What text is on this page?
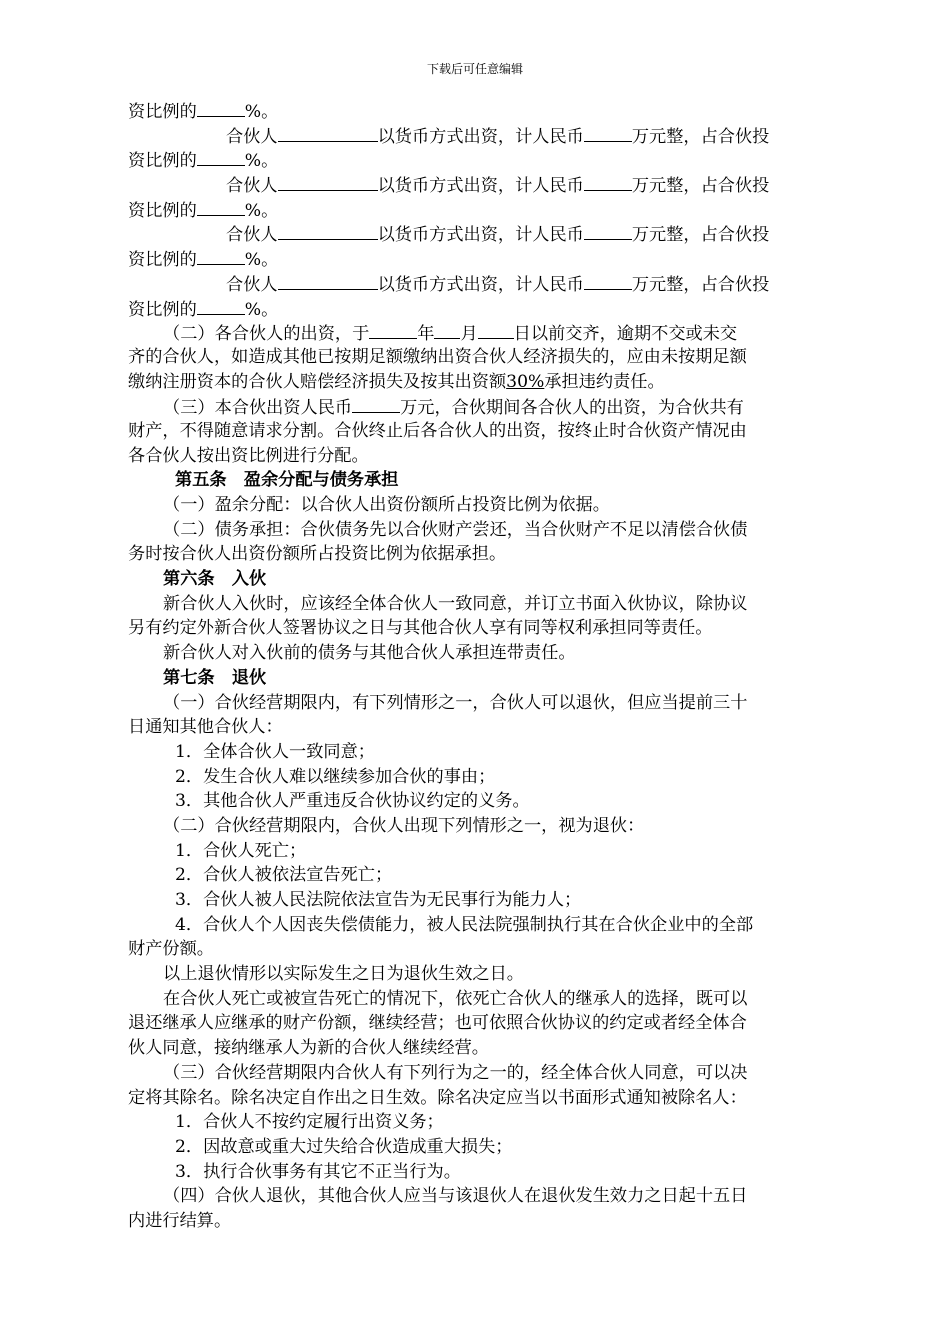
下载后可任意编辑
资比例的	%。
合伙人	以货币方式出资，计人民币	万元整，占合伙投
资比例的	%。
合伙人	以货币方式出资，计人民币	万元整，占合伙投
资比例的	%。
合伙人	以货币方式出资，计人民币	万元整，占合伙投
资比例的	%。
合伙人	以货币方式出资，计人民币	万元整，占合伙投
资比例的	%。
（二）各合伙人的出资，于	年 月 日以前交齐，逾期不交或未交
齐的合伙人，如造成其他已按期足额缴纳出资合伙人经济损失的，应由未按期足额
缴纳注册资本的合伙人赔偿经济损失及按其出资额30%承担违约责任。
（三）本合伙出资人民币	万元，合伙期间各合伙人的出资，为合伙共有
财产，不得随意请求分割。合伙终止后各合伙人的出资，按终止时合伙资产情况由
各合伙人按出资比例进行分配。
第五条　盈余分配与债务承担
（一）盈余分配：以合伙人出资份额所占投资比例为依据。
（二）债务承担：合伙债务先以合伙财产尝还，当合伙财产不足以清偿合伙债
务时按合伙人出资份额所占投资比例为依据承担。
第六条　入伙
新合伙人入伙时，应该经全体合伙人一致同意，并订立书面入伙协议，除协议
另有约定外新合伙人签署协议之日与其他合伙人享有同等权利承担同等责任。
新合伙人对入伙前的债务与其他合伙人承担连带责任。
第七条　退伙
（一）合伙经营期限内，有下列情形之一，合伙人可以退伙，但应当提前三十
日通知其他合伙人：
1．全体合伙人一致同意；
2．发生合伙人难以继续参加合伙的事由；
3．其他合伙人严重违反合伙协议约定的义务。
（二）合伙经营期限内，合伙人出现下列情形之一，视为退伙：
1．合伙人死亡；
2．合伙人被依法宣告死亡；
3．合伙人被人民法院依法宣告为无民事行为能力人；
4．合伙人个人因丧失偿债能力，被人民法院强制执行其在合伙企业中的全部
财产份额。
以上退伙情形以实际发生之日为退伙生效之日。
在合伙人死亡或被宣告死亡的情况下，依死亡合伙人的继承人的选择，既可以
退还继承人应继承的财产份额，继续经营；也可依照合伙协议的约定或者经全体合
伙人同意，接纳继承人为新的合伙人继续经营。
（三）合伙经营期限内合伙人有下列行为之一的，经全体合伙人同意，可以决
定将其除名。除名决定自作出之日生效。除名决定应当以书面形式通知被除名人：
1．合伙人不按约定履行出资义务；
2．因故意或重大过失给合伙造成重大损失；
3．执行合伙事务有其它不正当行为。
（四）合伙人退伙，其他合伙人应当与该退伙人在退伙发生效力之日起十五日
内进行结算。
